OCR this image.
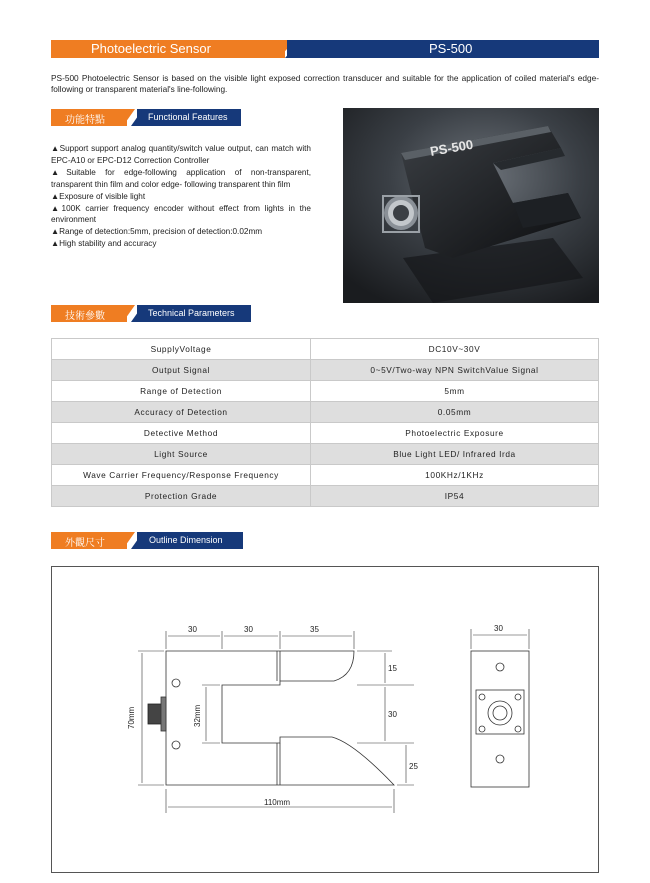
Photoelectric Sensor	PS-500
PS-500 Photoelectric Sensor is based on the visible light exposed correction transducer and suitable for the application of coiled material's edge-following or transparent material's line-following.
功能特點	Functional Features
▲Support support analog quantity/switch value output, can match with EPC-A10 or EPC-D12 Correction Controller
▲Suitable for edge-following application of non-transparent, transparent thin film and color edge- following transparent thin film
▲Exposure of visible light
▲100K carrier frequency encoder without effect from lights in the environment
▲Range of detection:5mm, precision of detection:0.02mm
▲High stability and accuracy
PS-500
技術參數	Technical Parameters
SupplyVoltage	DC10V~30V
Output Signal	0~5V/Two-way NPN SwitchValue Signal
Range of Detection	5mm
Accuracy of Detection	0.05mm
Detective Method	Photoelectric Exposure
Light Source	Blue Light LED/ Infrared Irda
Wave Carrier Frequency/Response Frequency	100KHz/1KHz
Protection Grade	IP54
外觀尺寸	Outline Dimension
30	30	35
15
30
25
70mm	32mm
110mm
30
